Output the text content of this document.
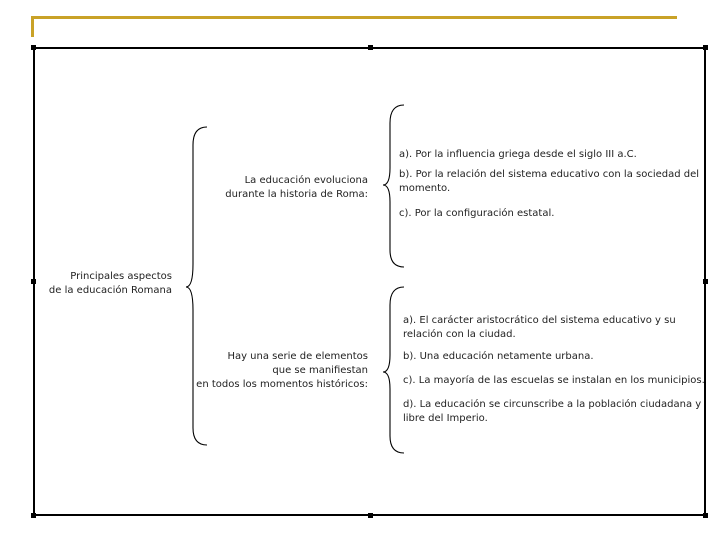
Principales aspectos
de la educación Romana
La educación evoluciona
durante la historia de Roma:
Hay una serie de elementos
que se manifiestan
en todos los momentos históricos:
a). Por la influencia griega desde el siglo III a.C.
b). Por la relación del sistema educativo con la sociedad del
momento.
c). Por la configuración estatal.
a). El carácter aristocrático del sistema educativo y su
relación con la ciudad.
b). Una educación netamente urbana.
c). La mayoría de las escuelas se instalan en los municipios.
d). La educación se circunscribe a la población ciudadana y
libre del Imperio.
